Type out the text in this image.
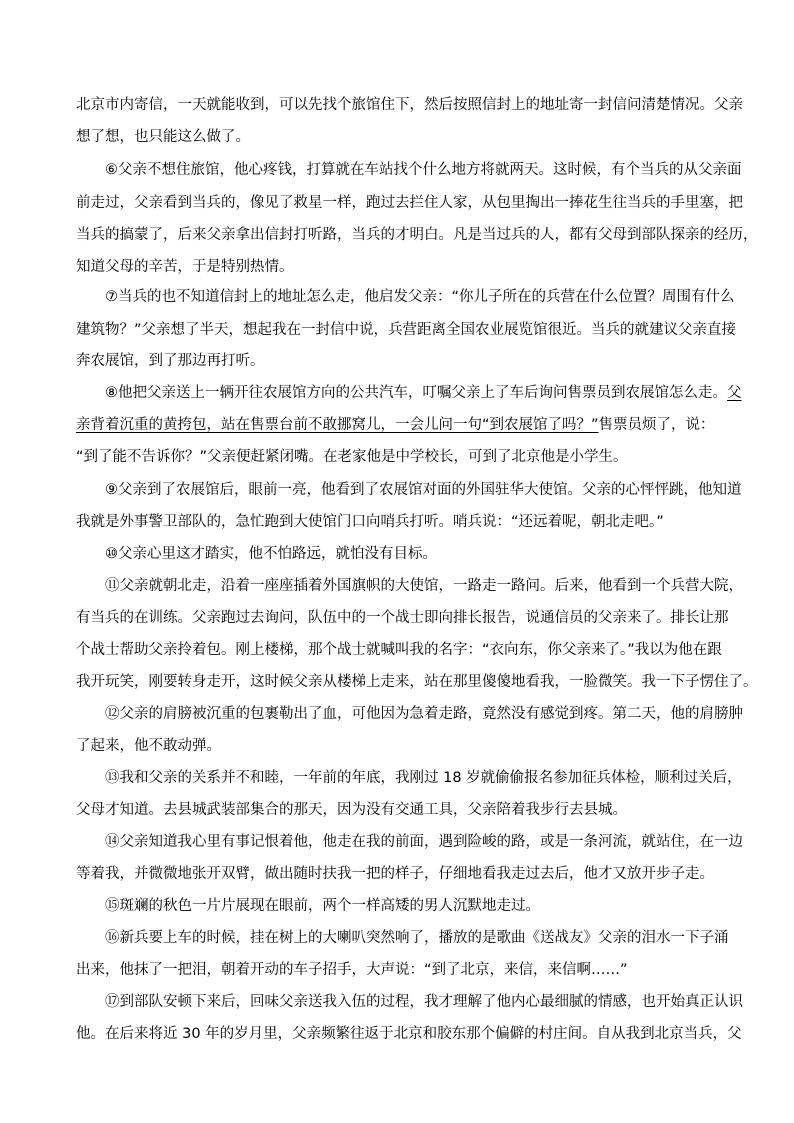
北京市内寄信，一天就能收到，可以先找个旅馆住下，然后按照信封上的地址寄一封信问清楚情况。父亲
想了想，也只能这么做了。
⑥父亲不想住旅馆，他心疼钱，打算就在车站找个什么地方将就两天。这时候，有个当兵的从父亲面
前走过，父亲看到当兵的，像见了救星一样，跑过去拦住人家，从包里掏出一捧花生往当兵的手里塞，把
当兵的搞蒙了，后来父亲拿出信封打听路，当兵的才明白。凡是当过兵的人，都有父母到部队探亲的经历，
知道父母的辛苦，于是特别热情。
⑦当兵的也不知道信封上的地址怎么走，他启发父亲：“你儿子所在的兵营在什么位置？周围有什么
建筑物？”父亲想了半天，想起我在一封信中说，兵营距离全国农业展览馆很近。当兵的就建议父亲直接
奔农展馆，到了那边再打听。
⑧他把父亲送上一辆开往农展馆方向的公共汽车，叮嘱父亲上了车后询问售票员到农展馆怎么走。父
亲背着沉重的黄挎包，站在售票台前不敢挪窝儿，一会儿问一句“到农展馆了吗？”售票员烦了，说：
“到了能不告诉你？”父亲便赶紧闭嘴。在老家他是中学校长，可到了北京他是小学生。
⑨父亲到了农展馆后，眼前一亮，他看到了农展馆对面的外国驻华大使馆。父亲的心怦怦跳，他知道
我就是外事警卫部队的，急忙跑到大使馆门口向哨兵打听。哨兵说：“还远着呢，朝北走吧。”
⑩父亲心里这才踏实，他不怕路远，就怕没有目标。
⑪父亲就朝北走，沿着一座座插着外国旗帜的大使馆，一路走一路问。后来，他看到一个兵营大院，
有当兵的在训练。父亲跑过去询问，队伍中的一个战士即向排长报告，说通信员的父亲来了。排长让那
个战士帮助父亲拎着包。刚上楼梯，那个战士就喊叫我的名字：“衣向东，你父亲来了。”我以为他在跟
我开玩笑，刚要转身走开，这时候父亲从楼梯上走来，站在那里傻傻地看我，一脸微笑。我一下子愣住了。
⑫父亲的肩膀被沉重的包裹勒出了血，可他因为急着走路，竟然没有感觉到疼。第二天，他的肩膀肿
了起来，他不敢动弹。
⑬我和父亲的关系并不和睦，一年前的年底，我刚过 18 岁就偷偷报名参加征兵体检，顺利过关后，
父母才知道。去县城武装部集合的那天，因为没有交通工具，父亲陪着我步行去县城。
⑭父亲知道我心里有事记恨着他，他走在我的前面，遇到险峻的路，或是一条河流，就站住，在一边
等着我，并微微地张开双臂，做出随时扶我一把的样子，仔细地看我走过去后，他才又放开步子走。
⑮斑斓的秋色一片片展现在眼前，两个一样高矮的男人沉默地走过。
⑯新兵要上车的时候，挂在树上的大喇叭突然响了，播放的是歌曲《送战友》父亲的泪水一下子涌
出来，他抹了一把泪，朝着开动的车子招手，大声说：“到了北京，来信，来信啊……”
⑰到部队安顿下来后，回味父亲送我入伍的过程，我才理解了他内心最细腻的情感，也开始真正认识
他。在后来将近 30 年的岁月里，父亲频繁往返于北京和胶东那个偏僻的村庄间。自从我到北京当兵，父
